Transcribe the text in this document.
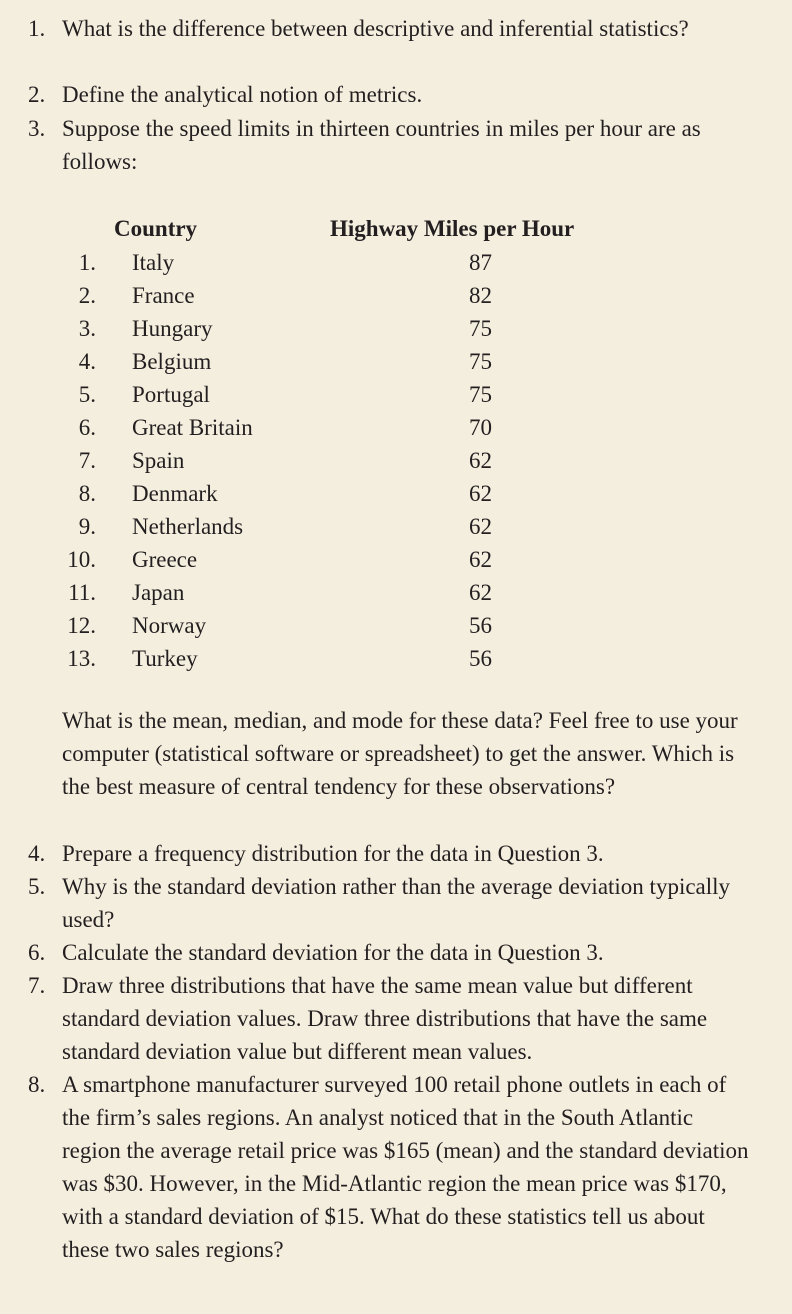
1. What is the difference between descriptive and inferential statistics?

2. Define the analytical notion of metrics.

3. Suppose the speed limits in thirteen countries in miles per hour are as follows:

Country	Highway Miles per Hour
1. Italy	87
2. France	82
3. Hungary	75
4. Belgium	75
5. Portugal	75
6. Great Britain	70
7. Spain	62
8. Denmark	62
9. Netherlands	62
10. Greece	62
11. Japan	62
12. Norway	56
13. Turkey	56

What is the mean, median, and mode for these data? Feel free to use your computer (statistical software or spreadsheet) to get the answer. Which is the best measure of central tendency for these observations?

4. Prepare a frequency distribution for the data in Question 3.

5. Why is the standard deviation rather than the average deviation typically used?

6. Calculate the standard deviation for the data in Question 3.

7. Draw three distributions that have the same mean value but different standard deviation values. Draw three distributions that have the same standard deviation value but different mean values.

8. A smartphone manufacturer surveyed 100 retail phone outlets in each of the firm’s sales regions. An analyst noticed that in the South Atlantic region the average retail price was $165 (mean) and the standard deviation was $30. However, in the Mid-Atlantic region the mean price was $170, with a standard deviation of $15. What do these statistics tell us about these two sales regions?
